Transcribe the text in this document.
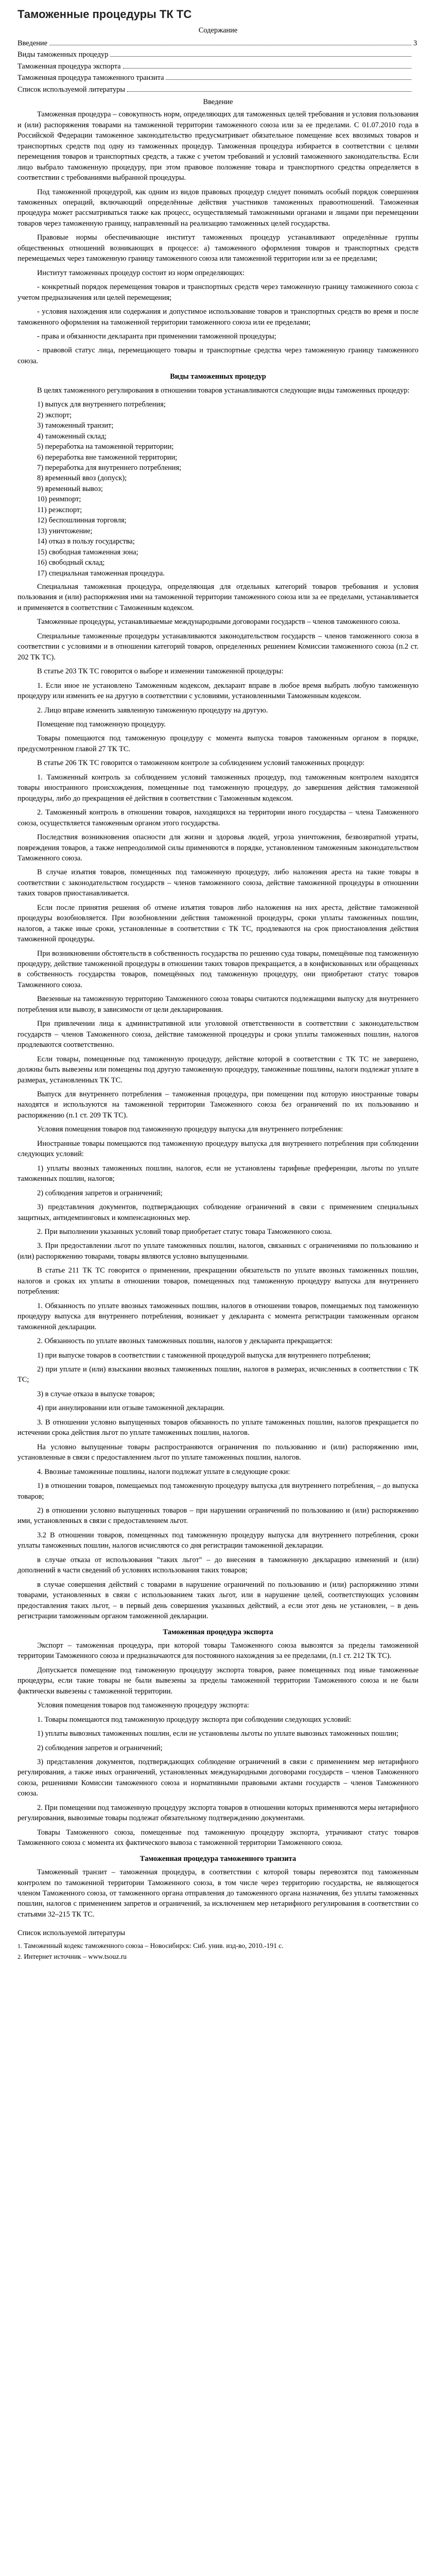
Таможенные процедуры ТК ТС
Содержание
Введение	3
Виды таможенных процедур
Таможенная процедура экспорта
Таможенная процедура таможенного транзита
Список используемой литературы
Введение

Таможенная процедура – совокупность норм, определяющих для таможенных целей требования и условия пользования и (или) распоряжения товарами на таможенной территории таможенного союза или за ее пределами. С 01.07.2010 года в Российской Федерации таможенное законодательство предусматривает обязательное помещение всех ввозимых товаров и транспортных средств под одну из таможенных процедур. Таможенная процедура избирается в соответствии с целями перемещения товаров и транспортных средств, а также с учетом требований и условий таможенного законодательства. Если лицо выбрало таможенную процедуру, при этом правовое положение товара и транспортного средства определяется в соответствии с требованиями выбранной процедуры.

Под таможенной процедурой, как одним из видов правовых процедур следует понимать особый порядок совершения таможенных операций, включающий определённые действия участников таможенных правоотношений. Таможенная процедура может рассматриваться также как процесс, осуществляемый таможенными органами и лицами при перемещении товаров через таможенную границу, направленный на реализацию таможенных целей государства.

Правовые нормы обеспечивающие институт таможенных процедур устанавливают определённые группы общественных отношений возникающих в процессе: а) таможенного оформления товаров и транспортных средств перемещаемых через таможенную границу таможенного союза или таможенной территории или за ее пределами;

Институт таможенных процедур состоит из норм определяющих:

- конкретный порядок перемещения товаров и транспортных средств через таможенную границу таможенного союза с учетом предназначения или целей перемещения;

- условия нахождения или содержания и допустимое использование товаров и транспортных средств во время и после таможенного оформления на таможенной территории таможенного союза или ее пределами;

- права и обязанности декларанта при применении таможенной процедуры;

- правовой статус лица, перемещающего товары и транспортные средства через таможенную границу таможенного союза.

Виды таможенных процедур

В целях таможенного регулирования в отношении товаров устанавливаются следующие виды таможенных процедур:

1) выпуск для внутреннего потребления;
2) экспорт;
3) таможенный транзит;
4) таможенный склад;
5) переработка на таможенной территории;
6) переработка вне таможенной территории;
7) переработка для внутреннего потребления;
8) временный ввоз (допуск);
9) временный вывоз;
10) реимпорт;
11) реэкспорт;
12) беспошлинная торговля;
13) уничтожение;
14) отказ в пользу государства;
15) свободная таможенная зона;
16) свободный склад;
17) специальная таможенная процедура.

Специальная таможенная процедура, определяющая для отдельных категорий товаров требования и условия пользования и (или) распоряжения ими на таможенной территории таможенного союза или за ее пределами, устанавливается и применяется в соответствии с Таможенным кодексом.

Таможенные процедуры, устанавливаемые международными договорами государств – членов таможенного союза.

Специальные таможенные процедуры устанавливаются законодательством государств – членов таможенного союза в соответствии с условиями и в отношении категорий товаров, определенных решением Комиссии таможенного союза (п.2 ст. 202 ТК ТС).

В статье 203 ТК ТС говорится о выборе и изменении таможенной процедуры:

1. Если иное не установлено Таможенным кодексом, декларант вправе в любое время выбрать любую таможенную процедуру или изменить ее на другую в соответствии с условиями, установленными Таможенным кодексом.

2. Лицо вправе изменить заявленную таможенную процедуру на другую.

Помещение под таможенную процедуру.

Товары помещаются под таможенную процедуру с момента выпуска товаров таможенным органом в порядке, предусмотренном главой 27 ТК ТС.

В статье 206 ТК ТС говорится о таможенном контроле за соблюдением условий таможенных процедур:

1. Таможенный контроль за соблюдением условий таможенных процедур, под таможенным контролем находятся товары иностранного происхождения, помещенные под таможенную процедуру, до завершения действия таможенной процедуры, либо до прекращения её действия в соответствии с Таможенным кодексом.

2. Таможенный контроль в отношении товаров, находящихся на территории иного государства – члена Таможенного союза, осуществляется таможенным органом этого государства.

Последствия возникновения опасности для жизни и здоровья людей, угроза уничтожения, безвозвратной утраты, повреждения товаров, а также непреодолимой силы применяются в порядке, установленном таможенным законодательством Таможенного союза.

В случае изъятия товаров, помещенных под таможенную процедуру, либо наложения ареста на такие товары в соответствии с законодательством государств – членов таможенного союза, действие таможенной процедуры в отношении таких товаров приостанавливается.

Если после принятия решения об отмене изъятия товаров либо наложения на них ареста, действие таможенной процедуры возобновляется. При возобновлении действия таможенной процедуры, сроки уплаты таможенных пошлин, налогов, а также иные сроки, установленные в соответствии с ТК ТС, продлеваются на срок приостановления действия таможенной процедуры.

При возникновении обстоятельств в собственность государства по решению суда товары, помещённые под таможенную процедуру, действие таможенной процедуры в отношении таких товаров прекращается, а в конфискованных или обращенных в собственность государства товаров, помещённых под таможенную процедуру, они приобретают статус товаров Таможенного союза.

Ввезенные на таможенную территорию Таможенного союза товары считаются подлежащими выпуску для внутреннего потребления или вывозу, в зависимости от цели декларирования.

При привлечении лица к административной или уголовной ответственности в соответствии с законодательством государств – членов Таможенного союза, действие таможенной процедуры и сроки уплаты таможенных пошлин, налогов продлеваются соответственно.

Если товары, помещенные под таможенную процедуру, действие которой в соответствии с ТК ТС не завершено, должны быть вывезены или помещены под другую таможенную процедуру, таможенные пошлины, налоги подлежат уплате в размерах, установленных ТК ТС.

Выпуск для внутреннего потребления – таможенная процедура, при помещении под которую иностранные товары находятся и используются на таможенной территории Таможенного союза без ограничений по их пользованию и распоряжению (п.1 ст. 209 ТК ТС).

Условия помещения товаров под таможенную процедуру выпуска для внутреннего потребления:

Иностранные товары помещаются под таможенную процедуру выпуска для внутреннего потребления при соблюдении следующих условий:

1) уплаты ввозных таможенных пошлин, налогов, если не установлены тарифные преференции, льготы по уплате таможенных пошлин, налогов;

2) соблюдения запретов и ограничений;

3) представления документов, подтверждающих соблюдение ограничений в связи с применением специальных защитных, антидемпинговых и компенсационных мер.

2. При выполнении указанных условий товар приобретает статус товара Таможенного союза.

3. При предоставлении льгот по уплате таможенных пошлин, налогов, связанных с ограничениями по пользованию и (или) распоряжению товарами, товары являются условно выпущенными.

В статье 211 ТК ТС говорится о применении, прекращении обязательств по уплате ввозных таможенных пошлин, налогов и сроках их уплаты в отношении товаров, помещенных под таможенную процедуру выпуска для внутреннего потребления:

1. Обязанность по уплате ввозных таможенных пошлин, налогов в отношении товаров, помещаемых под таможенную процедуру выпуска для внутреннего потребления, возникает у декларанта с момента регистрации таможенным органом таможенной декларации.

2. Обязанность по уплате ввозных таможенных пошлин, налогов у декларанта прекращается:

1) при выпуске товаров в соответствии с таможенной процедурой выпуска для внутреннего потребления;

2) при уплате и (или) взыскании ввозных таможенных пошлин, налогов в размерах, исчисленных в соответствии с ТК ТС;

3) в случае отказа в выпуске товаров;

4) при аннулировании или отзыве таможенной декларации.

3. В отношении условно выпущенных товаров обязанность по уплате таможенных пошлин, налогов прекращается по истечении срока действия льгот по уплате таможенных пошлин, налогов.

На условно выпущенные товары распространяются ограничения по пользованию и (или) распоряжению ими, установленные в связи с предоставлением льгот по уплате таможенных пошлин, налогов.

4. Ввозные таможенные пошлины, налоги подлежат уплате в следующие сроки:

1) в отношении товаров, помещаемых под таможенную процедуру выпуска для внутреннего потребления, – до выпуска товаров;

2) в отношении условно выпущенных товаров – при нарушении ограничений по пользованию и (или) распоряжению ими, установленных в связи с предоставлением льгот.

3.2 В отношении товаров, помещенных под таможенную процедуру выпуска для внутреннего потребления, сроки уплаты таможенных пошлин, налогов исчисляются со дня регистрации таможенной декларации.

в случае отказа от использования "таких льгот" – до внесения в таможенную декларацию изменений и (или) дополнений в части сведений об условиях использования таких товаров;

в случае совершения действий с товарами в нарушение ограничений по пользованию и (или) распоряжению этими товарами, установленных в связи с использованием таких льгот, или в нарушение целей, соответствующих условиям предоставления таких льгот, – в первый день совершения указанных действий, а если этот день не установлен, – в день регистрации таможенным органом таможенной декларации.

Таможенная процедура экспорта

Экспорт – таможенная процедура, при которой товары Таможенного союза вывозятся за пределы таможенной территории Таможенного союза и предназначаются для постоянного нахождения за ее пределами, (п.1 ст. 212 ТК ТС).

Допускается помещение под таможенную процедуру экспорта товаров, ранее помещенных под иные таможенные процедуры, если такие товары не были вывезены за пределы таможенной территории Таможенного союза и не были фактически вывезены с таможенной территории.

Условия помещения товаров под таможенную процедуру экспорта:

1. Товары помещаются под таможенную процедуру экспорта при соблюдении следующих условий:

1) уплаты вывозных таможенных пошлин, если не установлены льготы по уплате вывозных таможенных пошлин;

2) соблюдения запретов и ограничений;

3) представления документов, подтверждающих соблюдение ограничений в связи с применением мер нетарифного регулирования, а также иных ограничений, установленных международными договорами государств – членов Таможенного союза, решениями Комиссии таможенного союза и нормативными правовыми актами государств – членов Таможенного союза.

2. При помещении под таможенную процедуру экспорта товаров в отношении которых применяются меры нетарифного регулирования, вывозимые товары подлежат обязательному подтверждению документами.

Товары Таможенного союза, помещенные под таможенную процедуру экспорта, утрачивают статус товаров Таможенного союза с момента их фактического вывоза с таможенной территории Таможенного союза.

Таможенная процедура таможенного транзита

Таможенный транзит – таможенная процедура, в соответствии с которой товары перевозятся под таможенным контролем по таможенной территории Таможенного союза, в том числе через территорию государства, не являющегося членом Таможенного союза, от таможенного органа отправления до таможенного органа назначения, без уплаты таможенных пошлин, налогов с применением запретов и ограничений, за исключением мер нетарифного регулирования в соответствии со статьями 32–215 ТК ТС.

Список используемой литературы
1. Таможенный кодекс таможенного союза – Новосибирск: Сиб. унив. изд-во, 2010.-191 с.
2. Интернет источник – www.tsouz.ru
